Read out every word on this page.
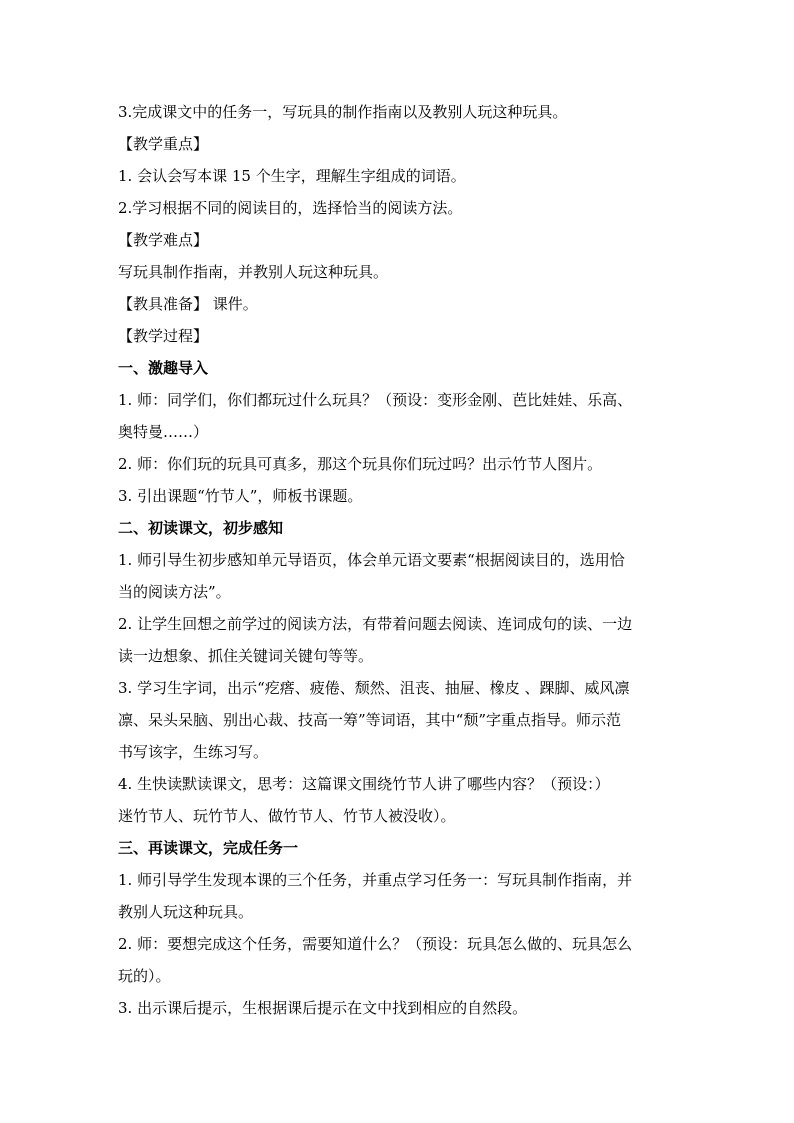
3.完成课文中的任务一，写玩具的制作指南以及教别人玩这种玩具。

【教学重点】

1. 会认会写本课 15 个生字，理解生字组成的词语。

2.学习根据不同的阅读目的，选择恰当的阅读方法。

【教学难点】

写玩具制作指南，并教别人玩这种玩具。

【教具准备】 课件。

【教学过程】

一、激趣导入

1. 师：同学们，你们都玩过什么玩具？（预设：变形金刚、芭比娃娃、乐高、

奥特曼……）

2. 师：你们玩的玩具可真多，那这个玩具你们玩过吗？出示竹节人图片。

3. 引出课题“竹节人”，师板书课题。

二、初读课文，初步感知

1. 师引导生初步感知单元导语页，体会单元语文要素“根据阅读目的，选用恰

当的阅读方法”。

2. 让学生回想之前学过的阅读方法，有带着问题去阅读、连词成句的读、一边

读一边想象、抓住关键词关键句等等。

3. 学习生字词，出示“疙瘩、疲倦、颓然、沮丧、抽屉、橡皮 、踝脚、威风凛

凛、呆头呆脑、别出心裁、技高一筹”等词语，其中“颓”字重点指导。师示范

书写该字，生练习写。

4. 生快读默读课文，思考：这篇课文围绕竹节人讲了哪些内容？（预设：）

迷竹节人、玩竹节人、做竹节人、竹节人被没收）。

三、再读课文，完成任务一

1. 师引导学生发现本课的三个任务，并重点学习任务一：写玩具制作指南，并

教别人玩这种玩具。

2. 师：要想完成这个任务，需要知道什么？（预设：玩具怎么做的、玩具怎么

玩的）。

3. 出示课后提示，生根据课后提示在文中找到相应的自然段。
